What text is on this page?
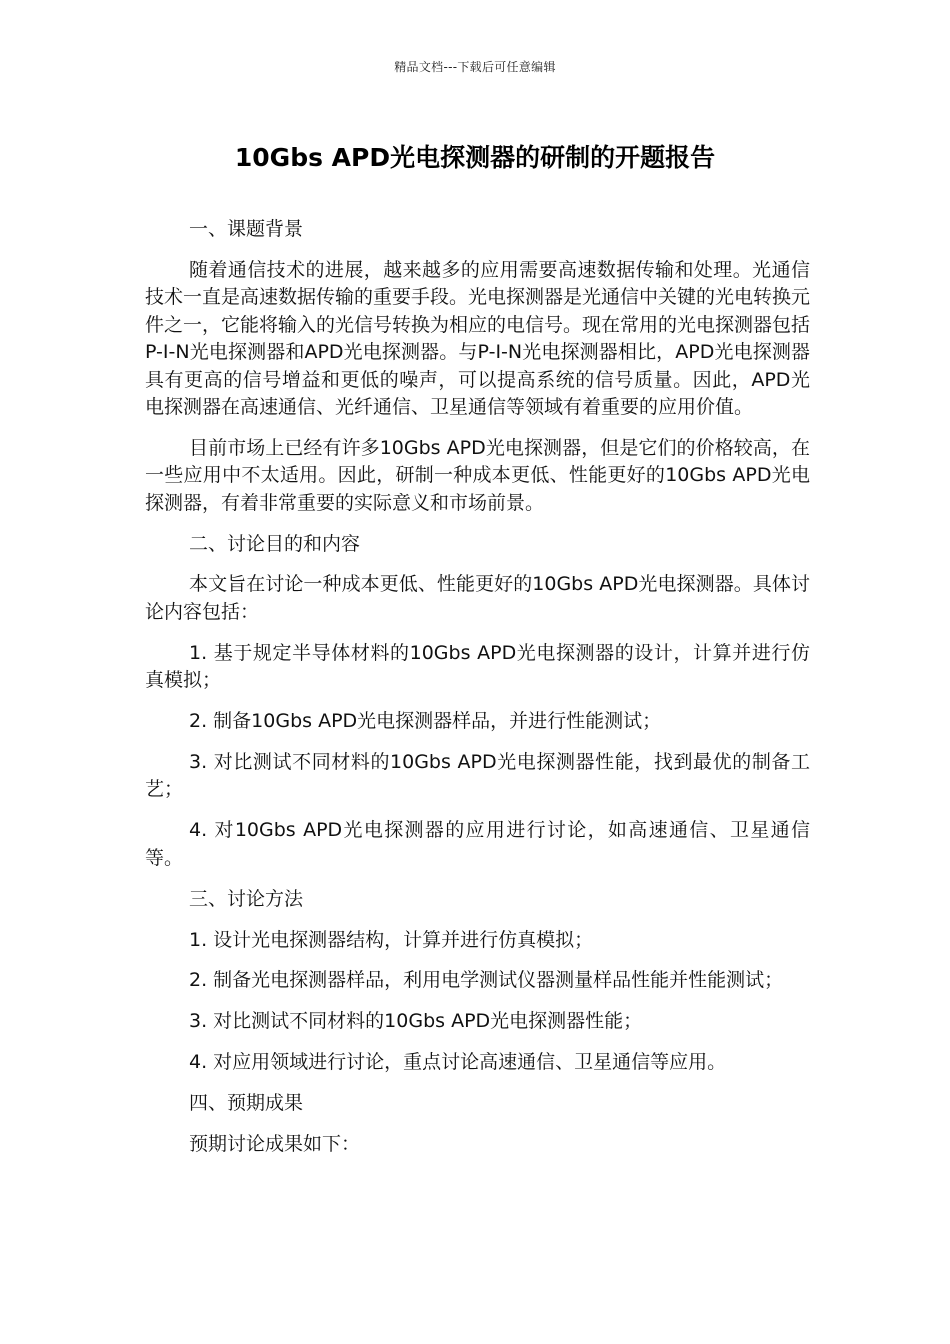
精品文档---下载后可任意编辑
10Gbs APD光电探测器的研制的开题报告

一、课题背景

随着通信技术的进展，越来越多的应用需要高速数据传输和处理。光通信技术一直是高速数据传输的重要手段。光电探测器是光通信中关键的光电转换元件之一，它能将输入的光信号转换为相应的电信号。现在常用的光电探测器包括P-I-N光电探测器和APD光电探测器。与P-I-N光电探测器相比，APD光电探测器具有更高的信号增益和更低的噪声，可以提高系统的信号质量。因此，APD光电探测器在高速通信、光纤通信、卫星通信等领域有着重要的应用价值。

目前市场上已经有许多10Gbs APD光电探测器，但是它们的价格较高，在一些应用中不太适用。因此，研制一种成本更低、性能更好的10Gbs APD光电探测器，有着非常重要的实际意义和市场前景。

二、讨论目的和内容

本文旨在讨论一种成本更低、性能更好的10Gbs APD光电探测器。具体讨论内容包括：

1. 基于规定半导体材料的10Gbs APD光电探测器的设计，计算并进行仿真模拟；

2. 制备10Gbs APD光电探测器样品，并进行性能测试；

3. 对比测试不同材料的10Gbs APD光电探测器性能，找到最优的制备工艺；

4. 对10Gbs APD光电探测器的应用进行讨论，如高速通信、卫星通信等。

三、讨论方法

1. 设计光电探测器结构，计算并进行仿真模拟；

2. 制备光电探测器样品，利用电学测试仪器测量样品性能并性能测试；

3. 对比测试不同材料的10Gbs APD光电探测器性能；

4. 对应用领域进行讨论，重点讨论高速通信、卫星通信等应用。

四、预期成果

预期讨论成果如下：
